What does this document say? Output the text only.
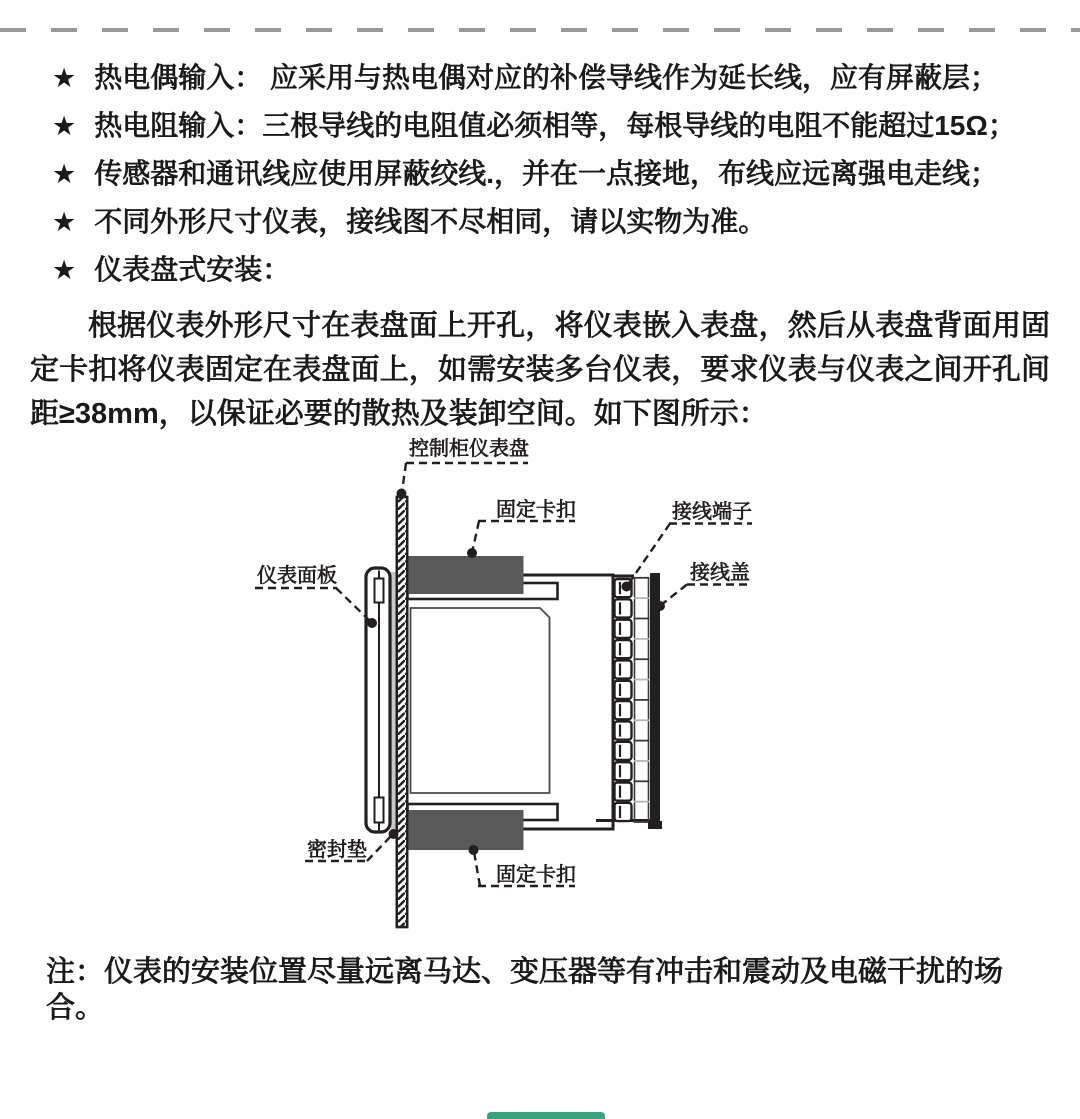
★ 热电偶输入： 应采用与热电偶对应的补偿导线作为延长线，应有屏蔽层；
★ 热电阻输入：三根导线的电阻值必须相等，每根导线的电阻不能超过15Ω；
★ 传感器和通讯线应使用屏蔽绞线.，并在一点接地，布线应远离强电走线；
★ 不同外形尺寸仪表，接线图不尽相同，请以实物为准。
★ 仪表盘式安装：

根据仪表外形尺寸在表盘面上开孔，将仪表嵌入表盘，然后从表盘背面用固定卡扣将仪表固定在表盘面上，如需安装多台仪表，要求仪表与仪表之间开孔间距≥38mm，以保证必要的散热及装卸空间。如下图所示：

控制柜仪表盘
固定卡扣	接线端子
接线盖
仪表面板
密封垫
固定卡扣

注：仪表的安装位置尽量远离马达、变压器等有冲击和震动及电磁干扰的场合。
